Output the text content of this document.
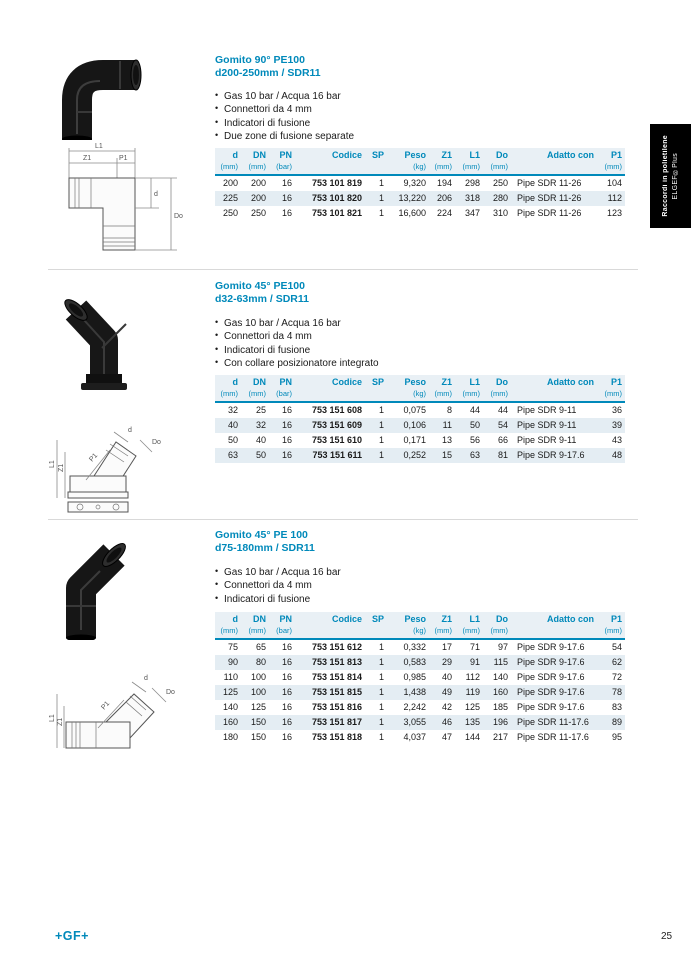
L1
Z1	P1
d
Do
Gomito 90° PE100
d200-250mm / SDR11
• Gas 10 bar / Acqua 16 bar
• Connettori da 4 mm
• Indicatori di fusione
• Due zone di fusione separate
d	DN	PN	Codice	SP	Peso	Z1	L1	Do	Adatto con	P1
(mm)	(mm)	(bar)			(kg)	(mm)	(mm)	(mm)		(mm)
200	200	16	753 101 819	1	9,320	194	298	250	Pipe SDR 11-26	104
225	200	16	753 101 820	1	13,220	206	318	280	Pipe SDR 11-26	112
250	250	16	753 101 821	1	16,600	224	347	310	Pipe SDR 11-26	123
L1 Z1
P1
d
Do
Gomito 45° PE100
d32-63mm / SDR11
• Gas 10 bar / Acqua 16 bar
• Connettori da 4 mm
• Indicatori di fusione
• Con collare posizionatore integrato
d	DN	PN	Codice	SP	Peso	Z1	L1	Do	Adatto con	P1
(mm)	(mm)	(bar)			(kg)	(mm)	(mm)	(mm)		(mm)
32	25	16	753 151 608	1	0,075	8	44	44	Pipe SDR 9-11	36
40	32	16	753 151 609	1	0,106	11	50	54	Pipe SDR 9-11	39
50	40	16	753 151 610	1	0,171	13	56	66	Pipe SDR 9-11	43
63	50	16	753 151 611	1	0,252	15	63	81	Pipe SDR 9-17.6	48
L1 Z1
P1
d
Do
Gomito 45° PE 100
d75-180mm / SDR11
• Gas 10 bar / Acqua 16 bar
• Connettori da 4 mm
• Indicatori di fusione
d	DN	PN	Codice	SP	Peso	Z1	L1	Do	Adatto con	P1
(mm)	(mm)	(bar)			(kg)	(mm)	(mm)	(mm)		(mm)
75	65	16	753 151 612	1	0,332	17	71	97	Pipe SDR 9-17.6	54
90	80	16	753 151 813	1	0,583	29	91	115	Pipe SDR 9-17.6	62
110	100	16	753 151 814	1	0,985	40	112	140	Pipe SDR 9-17.6	72
125	100	16	753 151 815	1	1,438	49	119	160	Pipe SDR 9-17.6	78
140	125	16	753 151 816	1	2,242	42	125	185	Pipe SDR 9-17.6	83
160	150	16	753 151 817	1	3,055	46	135	196	Pipe SDR 11-17.6	89
180	150	16	753 151 818	1	4,037	47	144	217	Pipe SDR 11-17.6	95
Raccordi in polietilene ELGEF®Plus
+GF+	25
